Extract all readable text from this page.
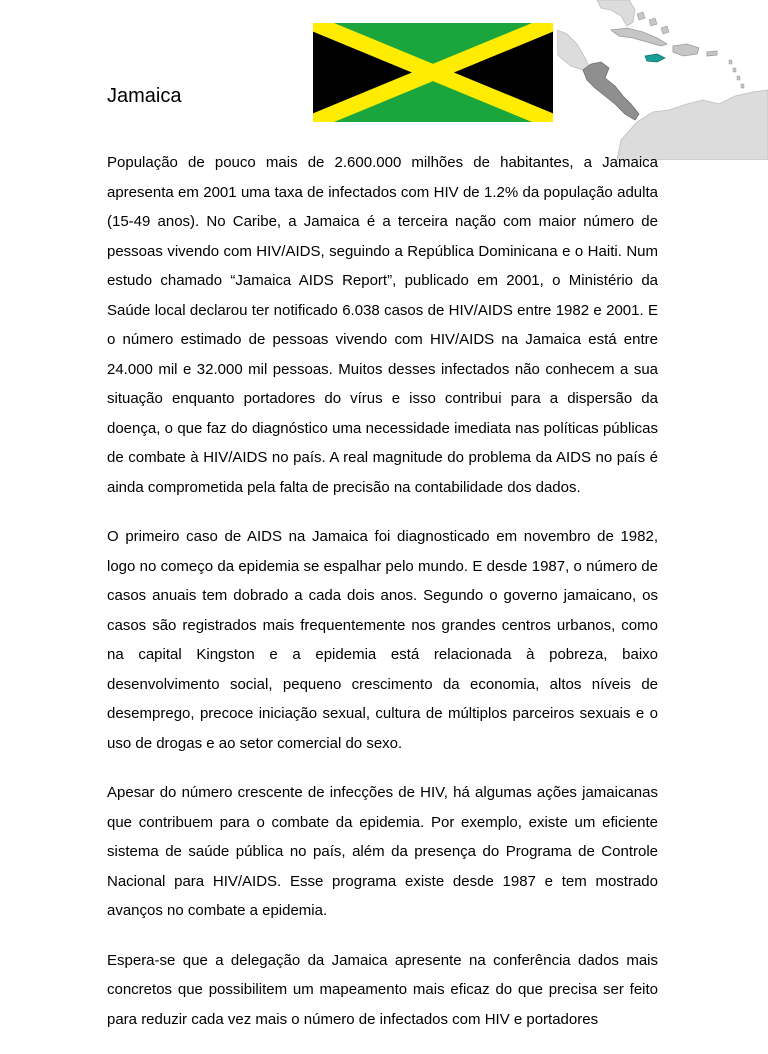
Jamaica

População de pouco mais de 2.600.000 milhões de habitantes, a Jamaica apresenta em 2001 uma taxa de infectados com HIV de 1.2% da população adulta (15-49 anos). No Caribe, a Jamaica é a terceira nação com maior número de pessoas vivendo com HIV/AIDS, seguindo a República Dominicana e o Haiti. Num estudo chamado “Jamaica AIDS Report”, publicado em 2001, o Ministério da Saúde local declarou ter notificado 6.038 casos de HIV/AIDS entre 1982 e 2001. E o número estimado de pessoas vivendo com HIV/AIDS na Jamaica está entre 24.000 mil e 32.000 mil pessoas. Muitos desses infectados não conhecem a sua situação enquanto portadores do vírus e isso contribui para a dispersão da doença, o que faz do diagnóstico uma necessidade imediata nas políticas públicas de combate à HIV/AIDS no país. A real magnitude do problema da AIDS no país é ainda comprometida pela falta de precisão na contabilidade dos dados.

O primeiro caso de AIDS na Jamaica foi diagnosticado em novembro de 1982, logo no começo da epidemia se espalhar pelo mundo. E desde 1987, o número de casos anuais tem dobrado a cada dois anos. Segundo o governo jamaicano, os casos são registrados mais frequentemente nos grandes centros urbanos, como na capital Kingston e a epidemia está relacionada à pobreza, baixo desenvolvimento social, pequeno crescimento da economia, altos níveis de desemprego, precoce iniciação sexual, cultura de múltiplos parceiros sexuais e o uso de drogas e ao setor comercial do sexo.

Apesar do número crescente de infecções de HIV, há algumas ações jamaicanas que contribuem para o combate da epidemia. Por exemplo, existe um eficiente sistema de saúde pública no país, além da presença do Programa de Controle Nacional para HIV/AIDS. Esse programa existe desde 1987 e tem mostrado avanços no combate a epidemia.

Espera-se que a delegação da Jamaica apresente na conferência dados mais concretos que possibilitem um mapeamento mais eficaz do que precisa ser feito para reduzir cada vez mais o número de infectados com HIV e portadores
